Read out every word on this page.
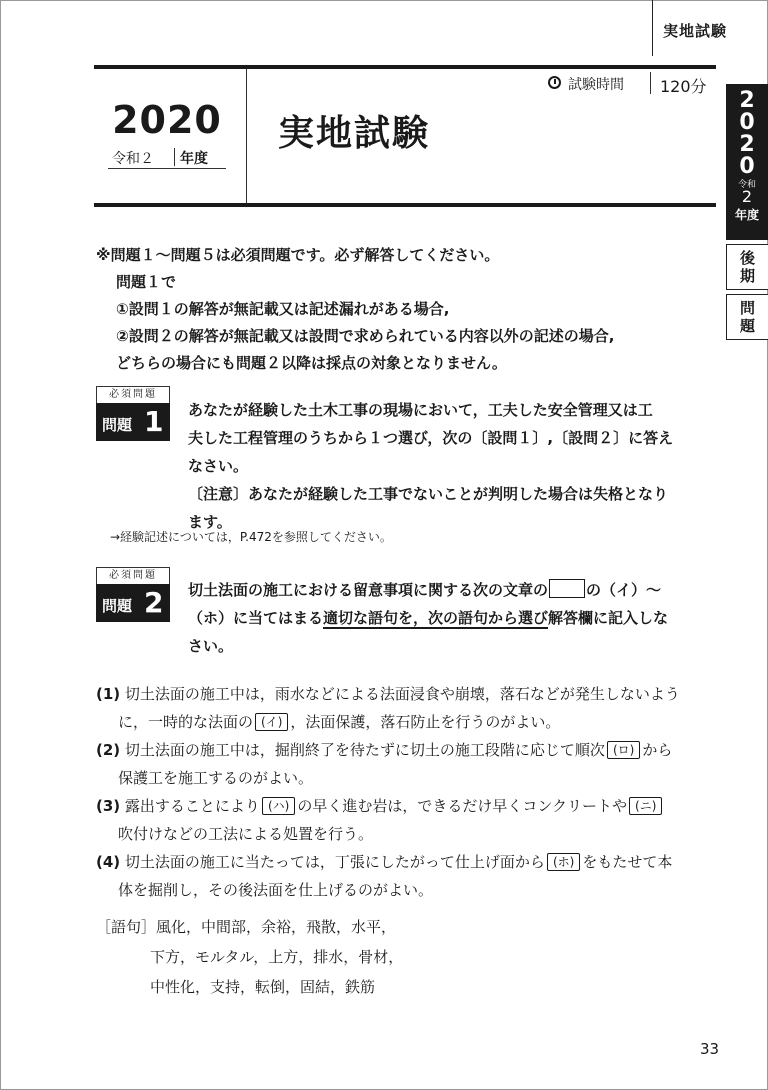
実地試験
2
0
2
0
令和
2
年度
後
期
問
題
2020
令和２ 年度
実地試験
試験時間 120分

※問題１～問題５は必須問題です。必ず解答してください。

問題１で

①設問１の解答が無記載又は記述漏れがある場合,

②設問２の解答が無記載又は設問で求められている内容以外の記述の場合,

どちらの場合にも問題２以降は採点の対象となりません。

必須問題
問題 1 あなたが経験した土木工事の現場において，工夫した安全管理又は工

夫した工程管理のうちから１つ選び，次の〔設問１〕,〔設問２〕に答え

なさい。

〔注意〕あなたが経験した工事でないことが判明した場合は失格となり

ます。

→経験記述については，P.472を参照してください。
必須問題
問題 2 切土法面の施工における留意事項に関する次の文章の	の（イ）～

（ホ）に当てはまる適切な語句を，次の語句から選び解答欄に記入しな

さい。

(1) 切土法面の施工中は，雨水などによる法面浸食や崩壊，落石などが発生しないよう

に，一時的な法面の (イ) ，法面保護，落石防止を行うのがよい。

(2) 切土法面の施工中は，掘削終了を待たずに切土の施工段階に応じて順次 (ロ) から

保護工を施工するのがよい。

(3) 露出することにより (ハ) の早く進む岩は，できるだけ早くコンクリートや (ニ)

吹付けなどの工法による処置を行う。

(4) 切土法面の施工に当たっては，丁張にしたがって仕上げ面から (ホ) をもたせて本

体を掘削し，その後法面を仕上げるのがよい。

［語句］風化，中間部，余裕，飛散，水平，

下方，モルタル，上方，排水，骨材，

中性化，支持，転倒，固結，鉄筋

33
